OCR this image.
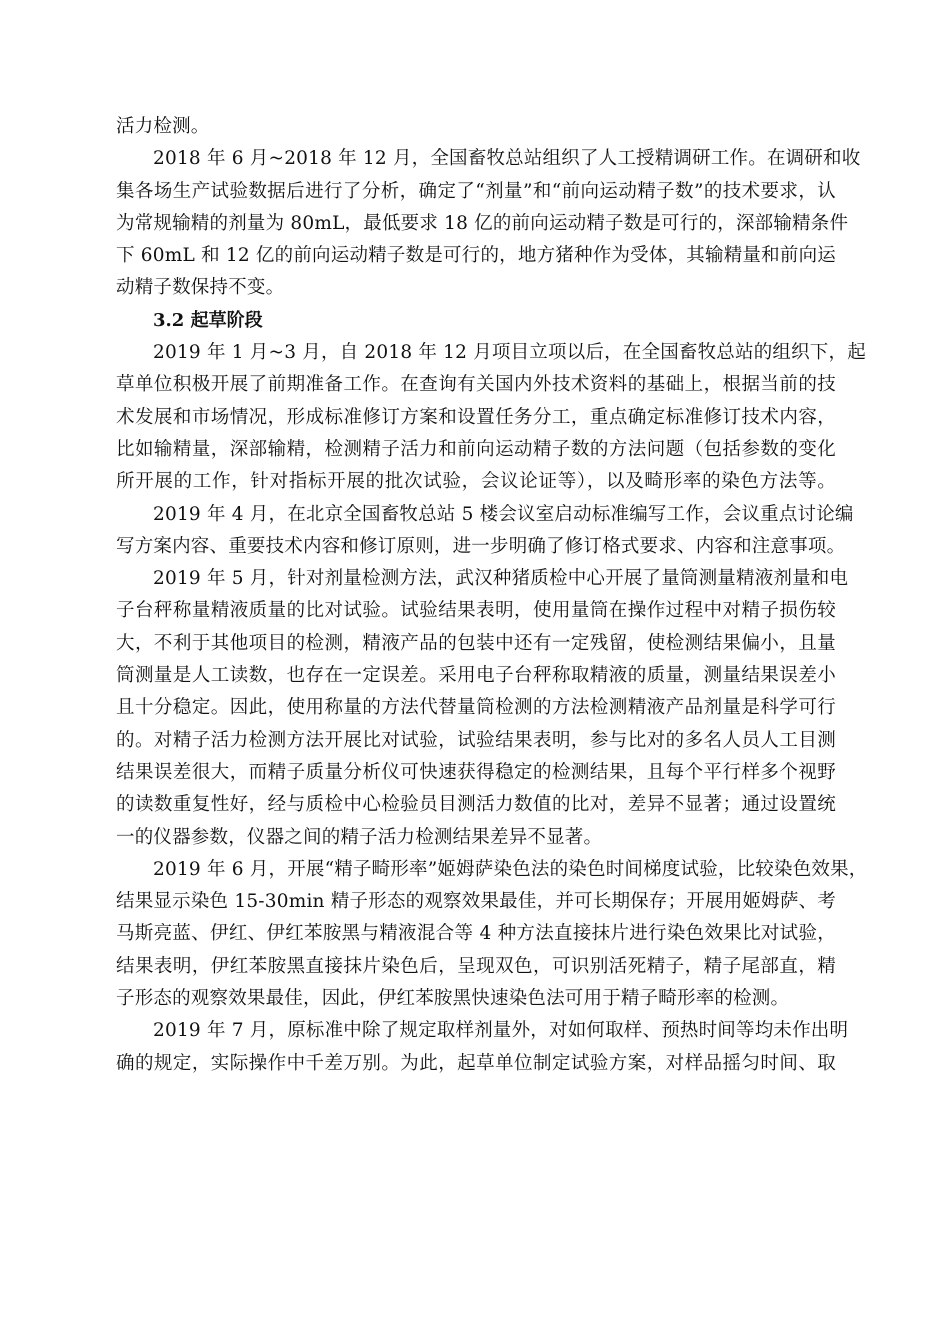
活力检测。
2018 年 6 月~2018 年 12 月，全国畜牧总站组织了人工授精调研工作。在调研和收
集各场生产试验数据后进行了分析，确定了“剂量”和“前向运动精子数”的技术要求，认
为常规输精的剂量为 80mL，最低要求 18 亿的前向运动精子数是可行的，深部输精条件
下 60mL 和 12 亿的前向运动精子数是可行的，地方猪种作为受体，其输精量和前向运
动精子数保持不变。
3.2 起草阶段
2019 年 1 月~3 月，自 2018 年 12 月项目立项以后，在全国畜牧总站的组织下，起
草单位积极开展了前期准备工作。在查询有关国内外技术资料的基础上，根据当前的技
术发展和市场情况，形成标准修订方案和设置任务分工，重点确定标准修订技术内容，
比如输精量，深部输精，检测精子活力和前向运动精子数的方法问题（包括参数的变化
所开展的工作，针对指标开展的批次试验，会议论证等），以及畸形率的染色方法等。
2019 年 4 月，在北京全国畜牧总站 5 楼会议室启动标准编写工作，会议重点讨论编
写方案内容、重要技术内容和修订原则，进一步明确了修订格式要求、内容和注意事项。
2019 年 5 月，针对剂量检测方法，武汉种猪质检中心开展了量筒测量精液剂量和电
子台秤称量精液质量的比对试验。试验结果表明，使用量筒在操作过程中对精子损伤较
大，不利于其他项目的检测，精液产品的包装中还有一定残留，使检测结果偏小，且量
筒测量是人工读数，也存在一定误差。采用电子台秤称取精液的质量，测量结果误差小
且十分稳定。因此，使用称量的方法代替量筒检测的方法检测精液产品剂量是科学可行
的。对精子活力检测方法开展比对试验，试验结果表明，参与比对的多名人员人工目测
结果误差很大，而精子质量分析仪可快速获得稳定的检测结果，且每个平行样多个视野
的读数重复性好，经与质检中心检验员目测活力数值的比对，差异不显著；通过设置统
一的仪器参数，仪器之间的精子活力检测结果差异不显著。
2019 年 6 月，开展“精子畸形率”姬姆萨染色法的染色时间梯度试验，比较染色效果，
结果显示染色 15-30min 精子形态的观察效果最佳，并可长期保存；开展用姬姆萨、考
马斯亮蓝、伊红、伊红苯胺黑与精液混合等 4 种方法直接抹片进行染色效果比对试验，
结果表明，伊红苯胺黑直接抹片染色后，呈现双色，可识别活死精子，精子尾部直，精
子形态的观察效果最佳，因此，伊红苯胺黑快速染色法可用于精子畸形率的检测。
2019 年 7 月，原标准中除了规定取样剂量外，对如何取样、预热时间等均未作出明
确的规定，实际操作中千差万别。为此，起草单位制定试验方案，对样品摇匀时间、取
